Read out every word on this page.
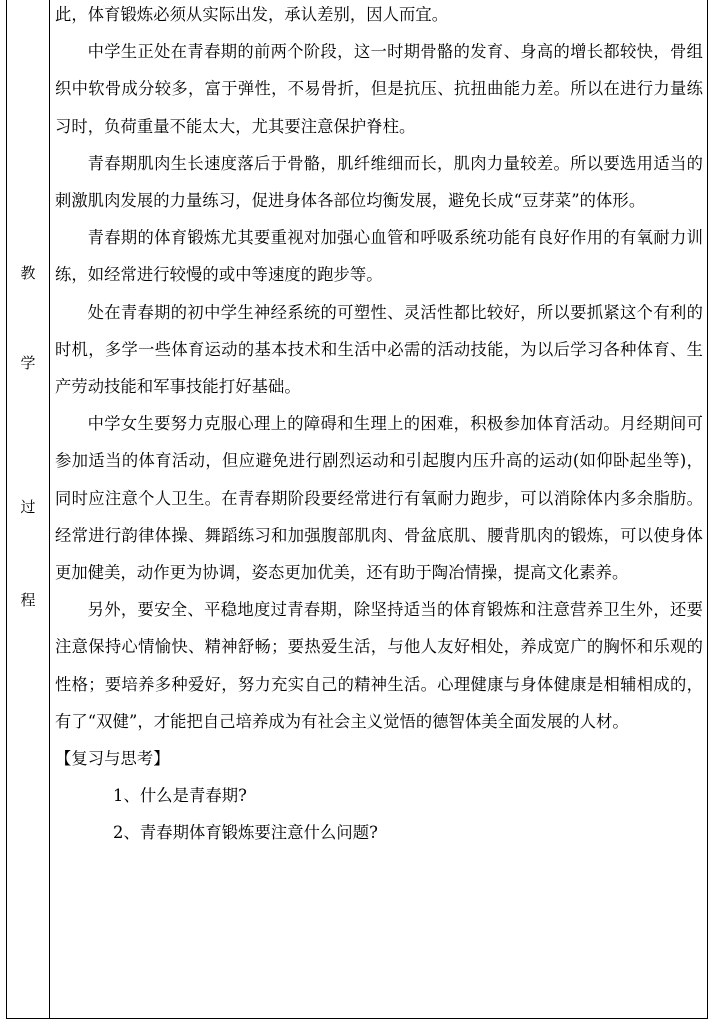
教
学
过
程

此，体育锻炼必须从实际出发，承认差别，因人而宜。

中学生正处在青春期的前两个阶段，这一时期骨骼的发育、身高的增长都较快，骨组织中软骨成分较多，富于弹性，不易骨折，但是抗压、抗扭曲能力差。所以在进行力量练习时，负荷重量不能太大，尤其要注意保护脊柱。

青春期肌肉生长速度落后于骨骼，肌纤维细而长，肌肉力量较差。所以要选用适当的刺激肌肉发展的力量练习，促进身体各部位均衡发展，避免长成“豆芽菜”的体形。

青春期的体育锻炼尤其要重视对加强心血管和呼吸系统功能有良好作用的有氧耐力训练，如经常进行较慢的或中等速度的跑步等。

处在青春期的初中学生神经系统的可塑性、灵活性都比较好，所以要抓紧这个有利的时机，多学一些体育运动的基本技术和生活中必需的活动技能，为以后学习各种体育、生产劳动技能和军事技能打好基础。

中学女生要努力克服心理上的障碍和生理上的困难，积极参加体育活动。月经期间可参加适当的体育活动，但应避免进行剧烈运动和引起腹内压升高的运动(如仰卧起坐等)，同时应注意个人卫生。在青春期阶段要经常进行有氧耐力跑步，可以消除体内多余脂肪。经常进行韵律体操、舞蹈练习和加强腹部肌肉、骨盆底肌、腰背肌肉的锻炼，可以使身体更加健美，动作更为协调，姿态更加优美，还有助于陶冶情操，提高文化素养。

另外，要安全、平稳地度过青春期，除坚持适当的体育锻炼和注意营养卫生外，还要注意保持心情愉快、精神舒畅；要热爱生活，与他人友好相处，养成宽广的胸怀和乐观的性格；要培养多种爱好，努力充实自己的精神生活。心理健康与身体健康是相辅相成的，有了“双健”，才能把自己培养成为有社会主义觉悟的德智体美全面发展的人材。

【复习与思考】

1、什么是青春期?

2、青春期体育锻炼要注意什么问题?
